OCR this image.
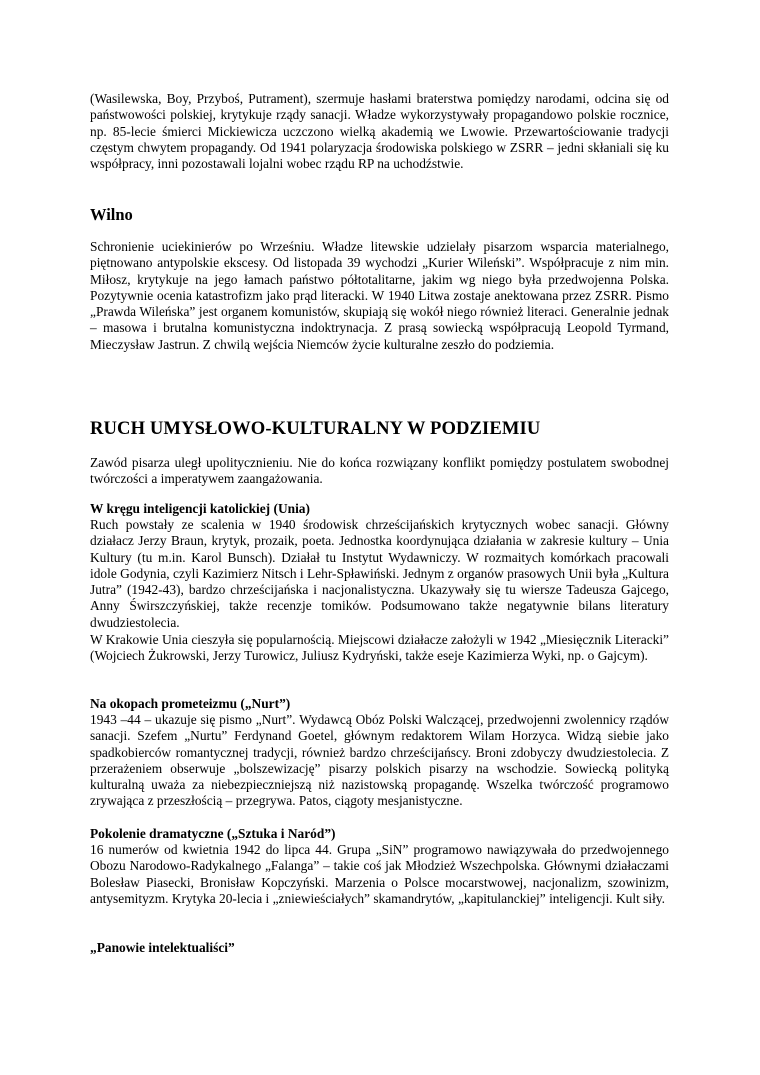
(Wasilewska, Boy, Przyboś, Putrament), szermuje hasłami braterstwa pomiędzy narodami, odcina się od państwowości polskiej, krytykuje rządy sanacji. Władze wykorzystywały propagandowo polskie rocznice, np. 85-lecie śmierci Mickiewicza uczczono wielką akademią we Lwowie. Przewartościowanie tradycji częstym chwytem propagandy. Od 1941 polaryzacja środowiska polskiego w ZSRR – jedni skłaniali się ku współpracy, inni pozostawali lojalni wobec rządu RP na uchodźstwie.

Wilno

Schronienie uciekinierów po Wrześniu. Władze litewskie udzielały pisarzom wsparcia materialnego, piętnowano antypolskie ekscesy. Od listopada 39 wychodzi „Kurier Wileński”. Współpracuje z nim min. Miłosz, krytykuje na jego łamach państwo półtotalitarne, jakim wg niego była przedwojenna Polska. Pozytywnie ocenia katastrofizm jako prąd literacki. W 1940 Litwa zostaje anektowana przez ZSRR. Pismo „Prawda Wileńska” jest organem komunistów, skupiają się wokół niego również literaci. Generalnie jednak – masowa i brutalna komunistyczna indoktrynacja. Z prasą sowiecką współpracują Leopold Tyrmand, Mieczysław Jastrun. Z chwilą wejścia Niemców życie kulturalne zeszło do podziemia.

RUCH UMYSŁOWO-KULTURALNY W PODZIEMIU

Zawód pisarza uległ upolitycznieniu. Nie do końca rozwiązany konflikt pomiędzy postulatem swobodnej twórczości a imperatywem zaangażowania.

W kręgu inteligencji katolickiej (Unia)

Ruch powstały ze scalenia w 1940 środowisk chrześcijańskich krytycznych wobec sanacji. Główny działacz Jerzy Braun, krytyk, prozaik, poeta. Jednostka koordynująca działania w zakresie kultury – Unia Kultury (tu m.in. Karol Bunsch). Działał tu Instytut Wydawniczy. W rozmaitych komórkach pracowali idole Godynia, czyli Kazimierz Nitsch i Lehr-Spławiński. Jednym z organów prasowych Unii była „Kultura Jutra” (1942-43), bardzo chrześcijańska i nacjonalistyczna. Ukazywały się tu wiersze Tadeusza Gajcego, Anny Świrszczyńskiej, także recenzje tomików. Podsumowano także negatywnie bilans literatury dwudziestolecia.

W Krakowie Unia cieszyła się popularnością. Miejscowi działacze założyli w 1942 „Miesięcznik Literacki” (Wojciech Żukrowski, Jerzy Turowicz, Juliusz Kydryński, także eseje Kazimierza Wyki, np. o Gajcym).

Na okopach prometeizmu („Nurt”)

1943 –44 – ukazuje się pismo „Nurt”. Wydawcą Obóz Polski Walczącej, przedwojenni zwolennicy rządów sanacji. Szefem „Nurtu” Ferdynand Goetel, głównym redaktorem Wilam Horzyca. Widzą siebie jako spadkobierców romantycznej tradycji, również bardzo chrześcijańscy. Broni zdobyczy dwudziestolecia. Z przerażeniem obserwuje „bolszewizację” pisarzy polskich pisarzy na wschodzie. Sowiecką polityką kulturalną uważa za niebezpieczniejszą niż nazistowską propagandę. Wszelka twórczość programowo zrywająca z przeszłością – przegrywa. Patos, ciągoty mesjanistyczne.

Pokolenie dramatyczne („Sztuka i Naród”)

16 numerów od kwietnia 1942 do lipca 44. Grupa „SiN” programowo nawiązywała do przedwojennego Obozu Narodowo-Radykalnego „Falanga” – takie coś jak Młodzież Wszechpolska. Głównymi działaczami Bolesław Piasecki, Bronisław Kopczyński. Marzenia o Polsce mocarstwowej, nacjonalizm, szowinizm, antysemityzm. Krytyka 20-lecia i „zniewieściałych” skamandrytów, „kapitulanckiej” inteligencji. Kult siły.

„Panowie intelektualiści”
